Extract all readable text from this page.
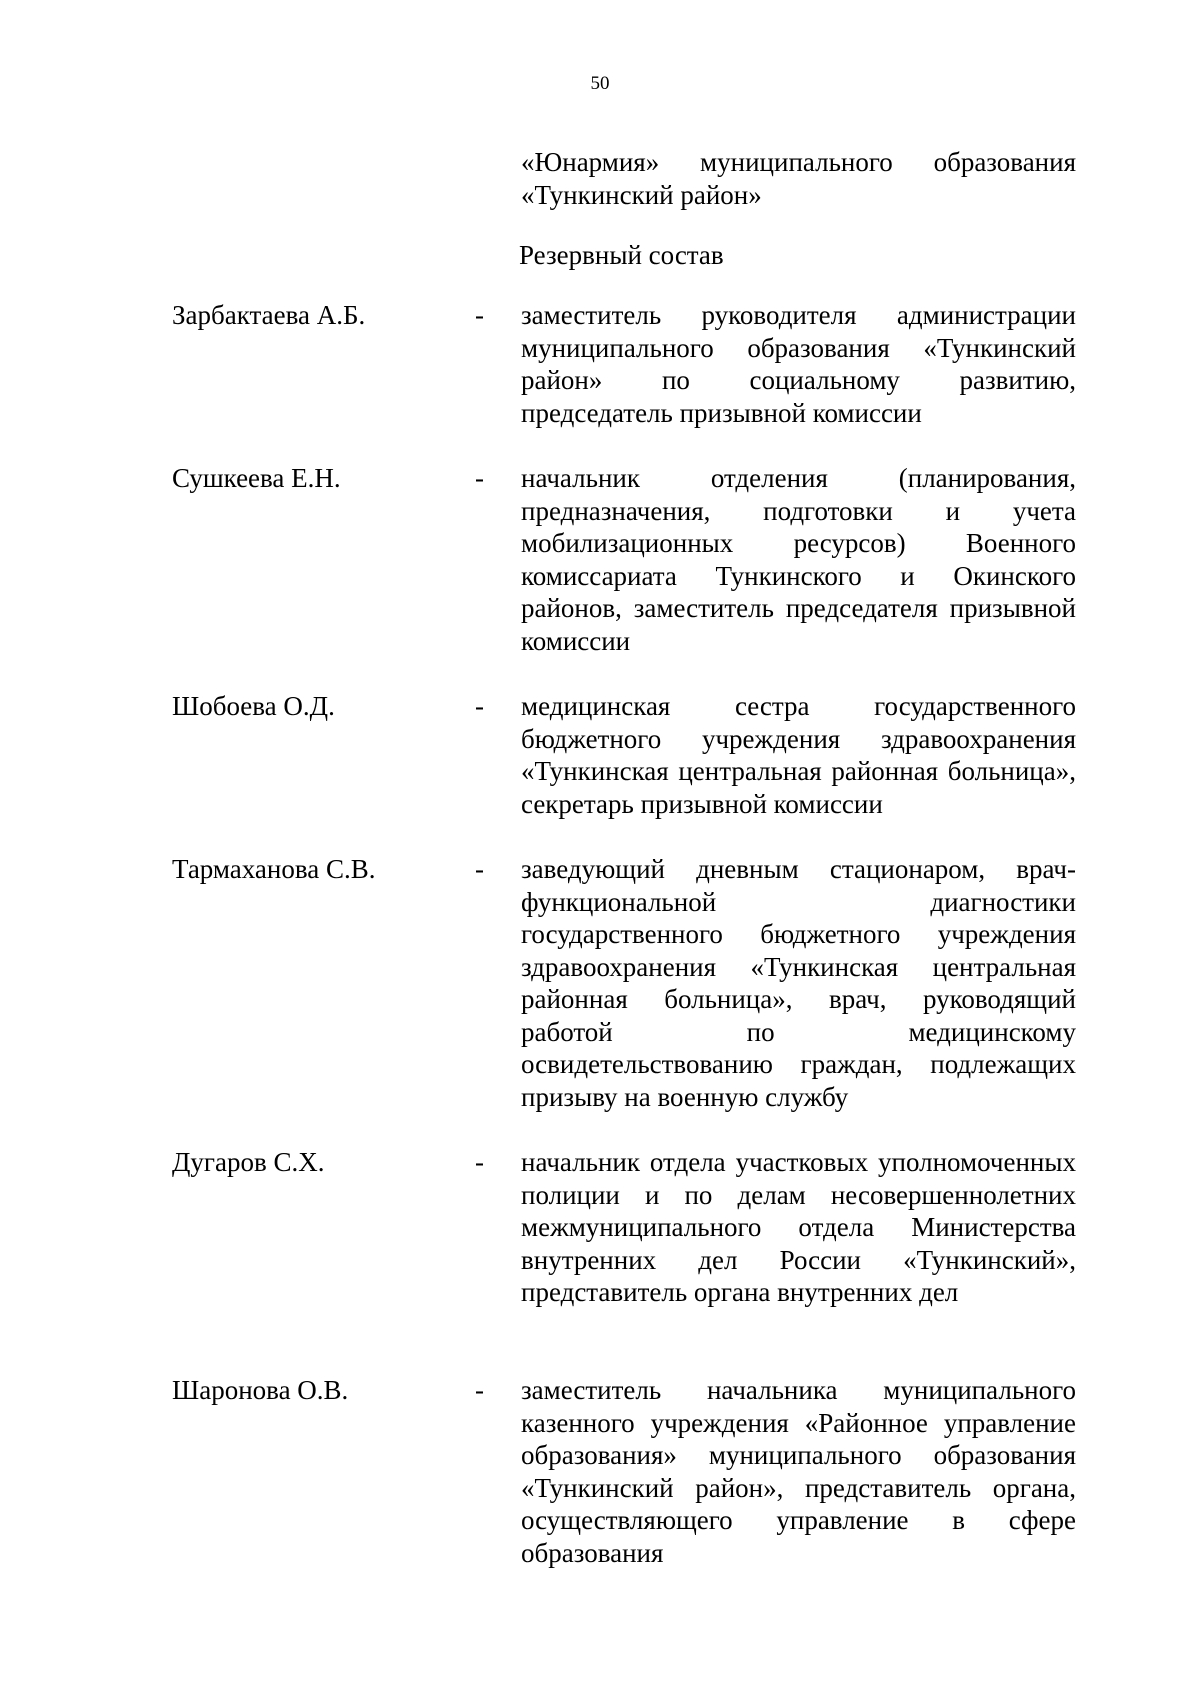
50
«Юнармия» муниципального образования «Тункинский район»
Резервный состав
Зарбактаева А.Б.	- заместитель руководителя администрации муниципального образования «Тункинский район» по социальному развитию, председатель призывной комиссии
Сушкеева Е.Н.	- начальник отделения (планирования, предназначения, подготовки и учета мобилизационных ресурсов) Военного комиссариата Тункинского и Окинского районов, заместитель председателя призывной комиссии
Шобоева О.Д.	- медицинская сестра государственного бюджетного учреждения здравоохранения «Тункинская центральная районная больница», секретарь призывной комиссии
Тармаханова С.В.	- заведующий дневным стационаром, врач-функциональной диагностики государственного бюджетного учреждения здравоохранения «Тункинская центральная районная больница», врач, руководящий работой по медицинскому освидетельствованию граждан, подлежащих призыву на военную службу
Дугаров С.Х.	- начальник отдела участковых уполномоченных полиции и по делам несовершеннолетних межмуниципального отдела Министерства внутренних дел России «Тункинский», представитель органа внутренних дел
Шаронова О.В.	- заместитель начальника муниципального казенного учреждения «Районное управление образования» муниципального образования «Тункинский район», представитель органа, осуществляющего управление в сфере образования
